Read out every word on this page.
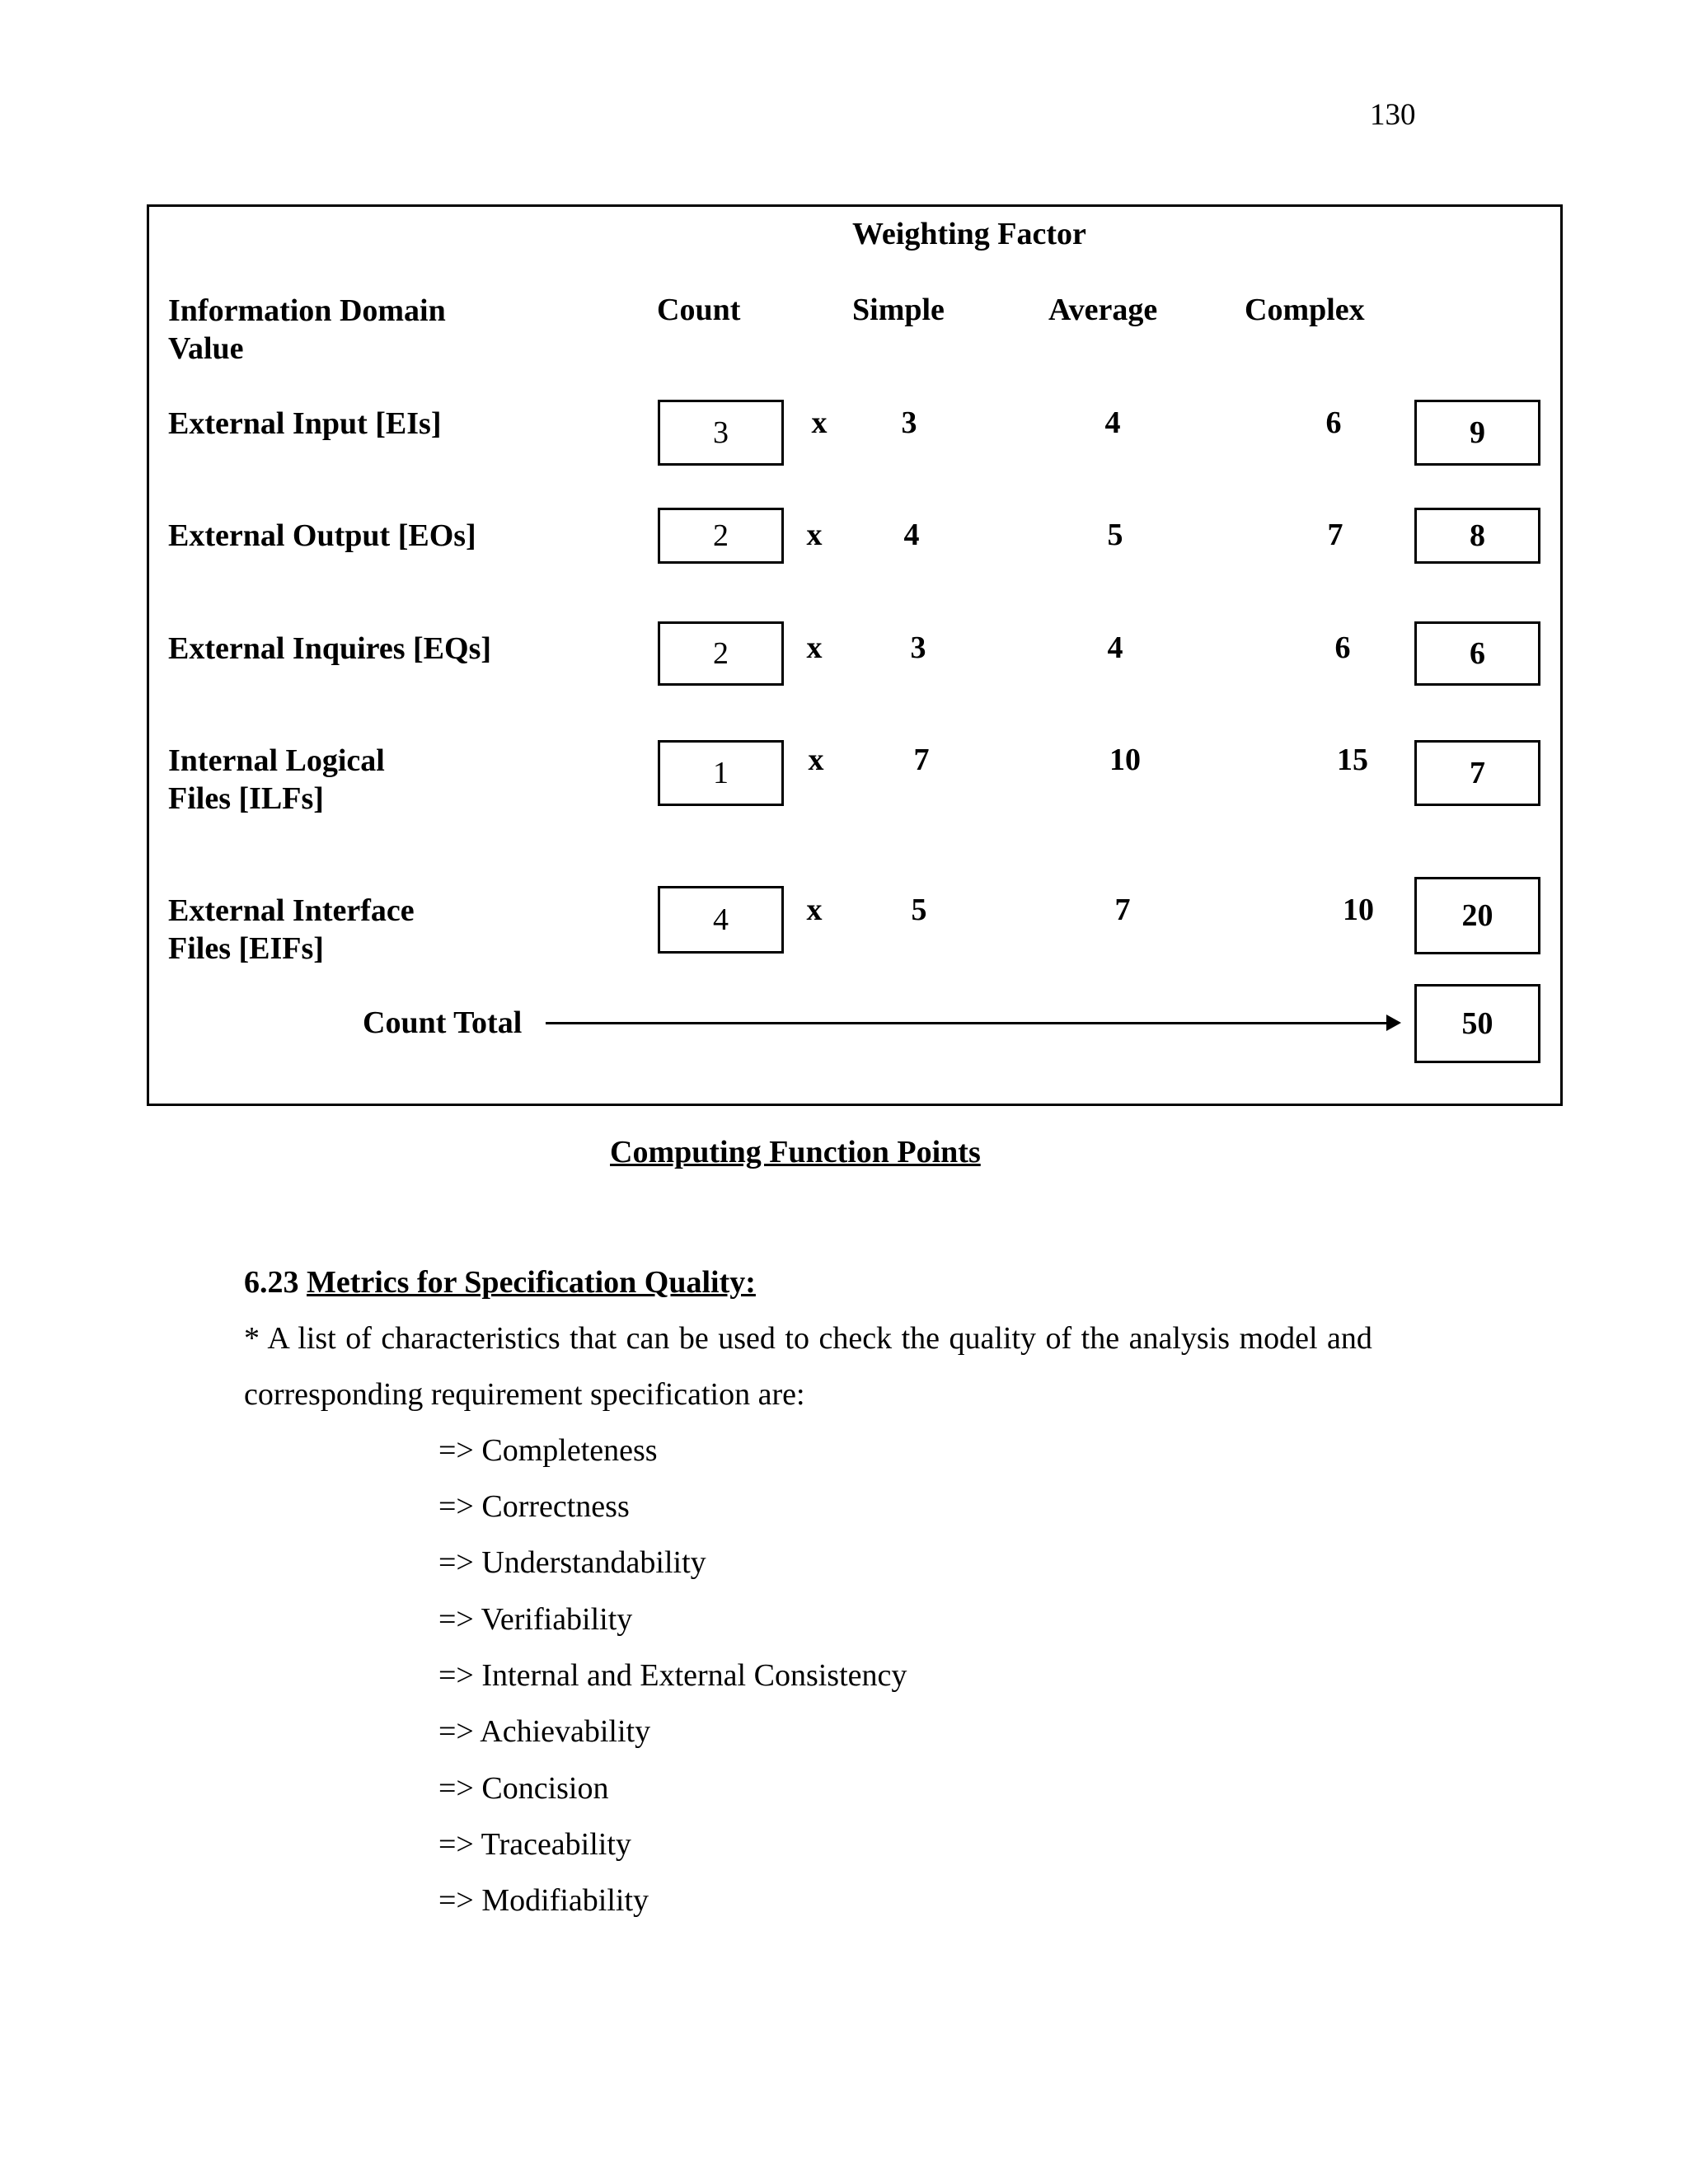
130
Weighting Factor
Information Domain
Value
Count	Simple	Average	Complex
External Input [EIs]	3	x	3	4	6	9
External Output [EOs]	2	x	4	5	7	8
External Inquires [EQs]	2	x	3	4	6	6
Internal Logical
Files [ILFs]
1	x	7	10	15	7
External Interface
Files [EIFs]
4	x	5	7	10	20
Count Total	50
Computing Function Points
6.23 Metrics for Specification Quality:
* A list of characteristics that can be used to check the quality of the analysis model and
corresponding requirement specification are:
=> Completeness
=> Correctness
=> Understandability
=> Verifiability
=> Internal and External Consistency
=> Achievability
=> Concision
=> Traceability
=> Modifiability
